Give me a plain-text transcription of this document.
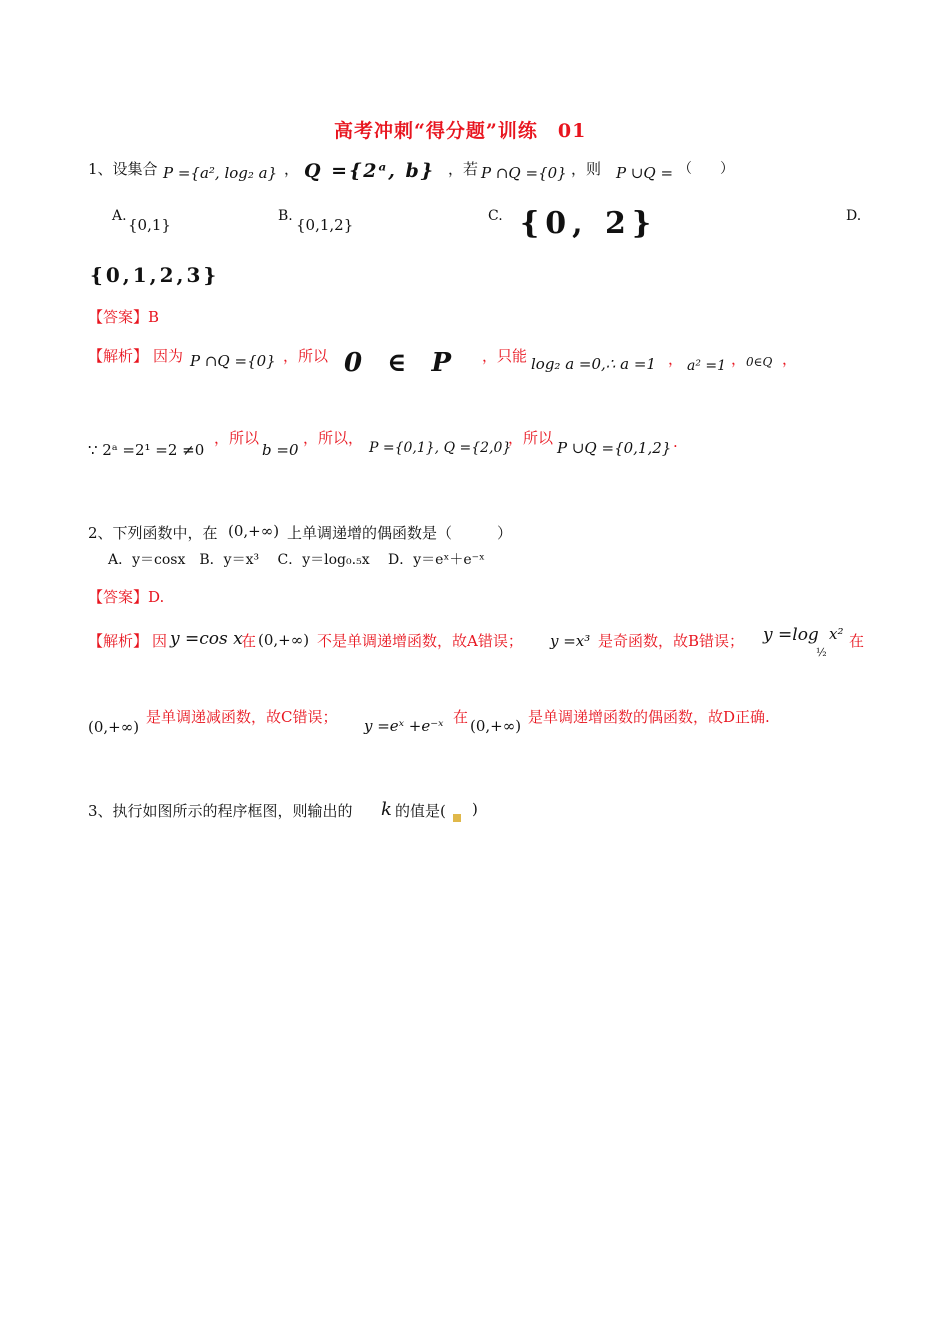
高考冲刺“得分题”训练　01
1、设集合 P ={a², log₂ a} ， Q ={2ᵃ, b} ，若 P ∩Q ={0} ，则 P ∪Q = （　　）
A. {0,1}	B. {0,1,2}	C. {0, 2}	D.
{0,1,2,3}
【答案】B
【解析】 因为 P ∩Q ={0} ，所以 0 ∈ P ，只能 log₂ a =0,∴ a =1 ， a² =1 ， 0∈Q ，
∵ 2ᵃ =2¹ =2 ≠0
，所以
b =0
，所以，
P ={0,1}, Q ={2,0}
，所以
P ∪Q ={0,1,2} .
2、下列函数中，在 (0,+∞) 上单调递增的偶函数是（　　　）
A．y＝cosx　B．y＝x³　 C．y＝log₀.₅x　 D．y＝eˣ＋e⁻ˣ
【答案】D.
【解析】 因 y =cos x
在 (0,+∞) 不是单调递增函数，故A错误； y =x³ 是奇函数，故B错误； y =log
½
x² 在
(0,+∞)
是单调递减函数，故C错误； y =eˣ +e⁻ˣ 在 (0,+∞) 是单调递增函数的偶函数，故D正确.
3、执行如图所示的程序框图，则输出的 k 的值是( )
